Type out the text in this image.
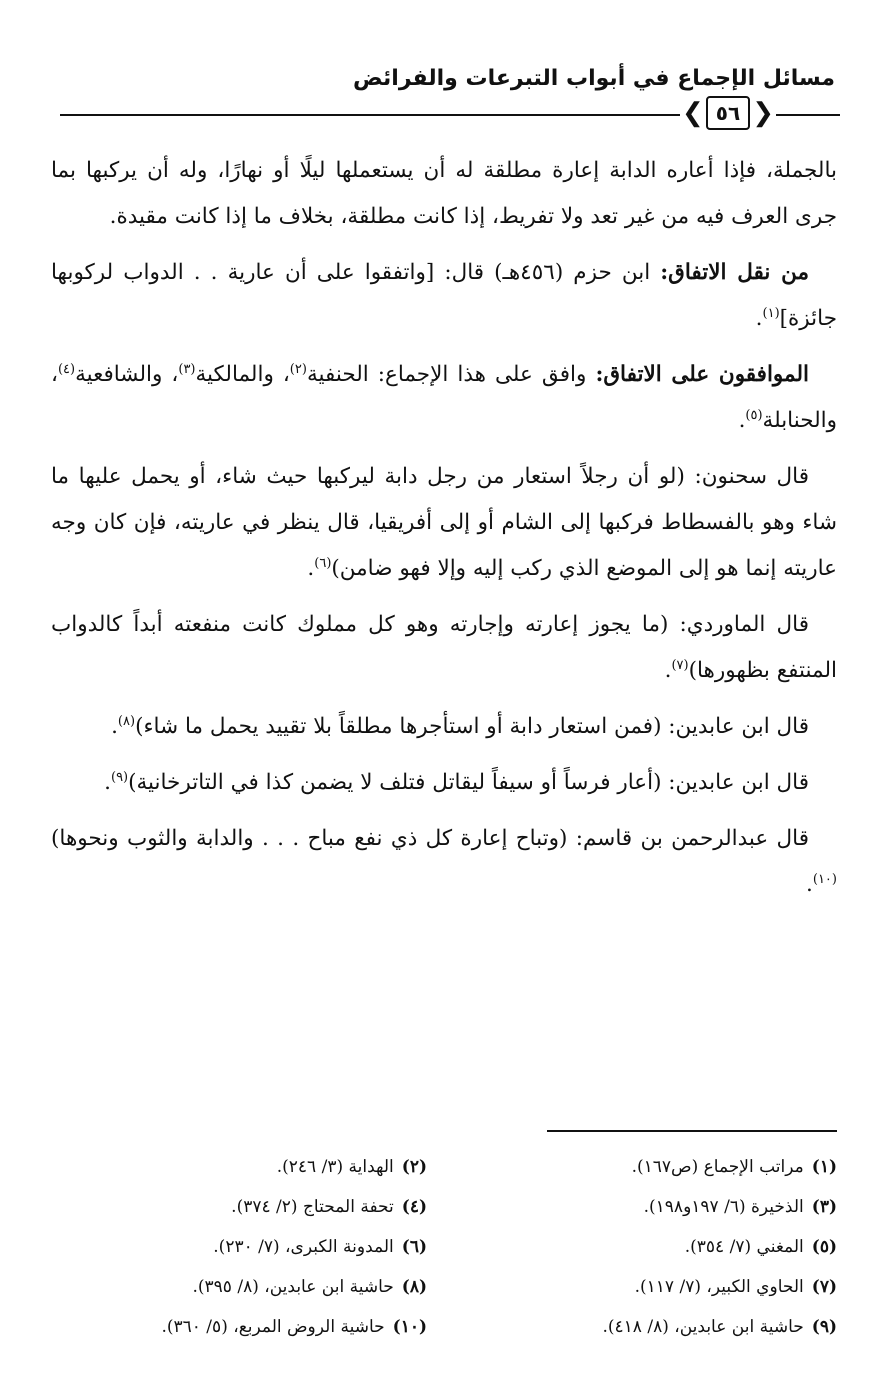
مسائل الإجماع في أبواب التبرعات والفرائض
❮
٥٦
❯

بالجملة، فإذا أعاره الدابة إعارة مطلقة له أن يستعملها ليلًا أو نهارًا، وله أن يركبها بما جرى العرف فيه من غير تعد ولا تفريط، إذا كانت مطلقة، بخلاف ما إذا كانت مقيدة.

من نقل الاتفاق: ابن حزم (٤٥٦هـ) قال: [واتفقوا على أن عارية . . الدواب لركوبها جائزة]$^{(١)}$.

الموافقون على الاتفاق: وافق على هذا الإجماع: الحنفية$^{(٢)}$، والمالكية$^{(٣)}$، والشافعية$^{(٤)}$، والحنابلة$^{(٥)}$.

قال سحنون: (لو أن رجلاً استعار من رجل دابة ليركبها حيث شاء، أو يحمل عليها ما شاء وهو بالفسطاط فركبها إلى الشام أو إلى أفريقيا، قال ينظر في عاريته، فإن كان وجه عاريته إنما هو إلى الموضع الذي ركب إليه وإلا فهو ضامن)$^{(٦)}$.

قال الماوردي: (ما يجوز إعارته وإجارته وهو كل مملوك كانت منفعته أبداً كالدواب المنتفع بظهورها)$^{(٧)}$.

قال ابن عابدين: (فمن استعار دابة أو استأجرها مطلقاً بلا تقييد يحمل ما شاء)$^{(٨)}$.

قال ابن عابدين: (أعار فرساً أو سيفاً ليقاتل فتلف لا يضمن كذا في التاترخانية)$^{(٩)}$.

قال عبدالرحمن بن قاسم: (وتباح إعارة كل ذي نفع مباح . . . والدابة والثوب ونحوها)$^{(١٠)}$.

(١)مراتب الإجماع (ص١٦٧).
(٢)الهداية (٣/ ٢٤٦).
(٣)الذخيرة (٦/ ١٩٧و١٩٨).
(٤)تحفة المحتاج (٢/ ٣٧٤).
(٥)المغني (٧/ ٣٥٤).
(٦)المدونة الكبرى، (٧/ ٢٣٠).
(٧)الحاوي الكبير، (٧/ ١١٧).
(٨)حاشية ابن عابدين، (٨/ ٣٩٥).
(٩)حاشية ابن عابدين، (٨/ ٤١٨).
(١٠)حاشية الروض المربع، (٥/ ٣٦٠).
